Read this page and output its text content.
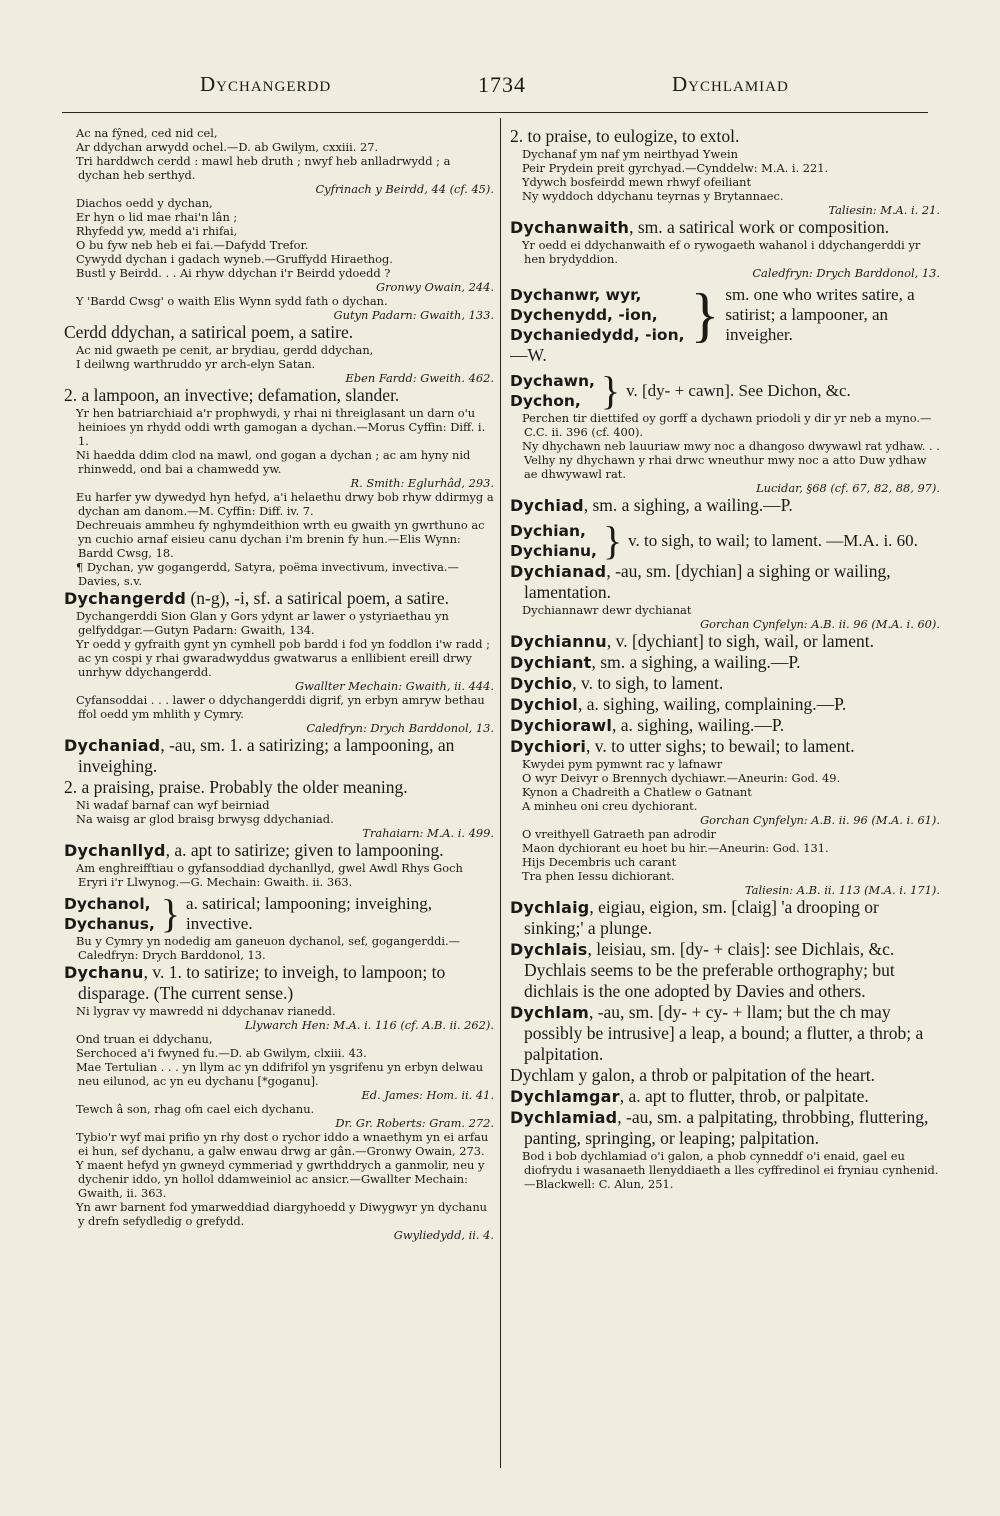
Dychangerdd	1734	Dychlamiad

Ac na fŷned, ced nid cel,

Ar ddychan arwydd ochel.—D. ab Gwilym, cxxiii. 27.

Tri harddwch cerdd : mawl heb druth ; nwyf heb anlladrwydd ; a dychan heb serthyd.

Cyfrinach y Beirdd, 44 (cf. 45).

Diachos oedd y dychan,

Er hyn o lid mae rhai'n lân ;

Rhyfedd yw, medd a'i rhifai,

O bu fyw neb heb ei fai.—Dafydd Trefor.

Cywydd dychan i gadach wyneb.—Gruffydd Hiraethog.

Bustl y Beirdd. . . Ai rhyw ddychan i'r Beirdd ydoedd ?

Gronwy Owain, 244.

Y 'Bardd Cwsg' o waith Elis Wynn sydd fath o dychan.

Gutyn Padarn: Gwaith, 133.

Cerdd ddychan, a satirical poem, a satire.

Ac nid gwaeth pe cenit, ar brydiau, gerdd ddychan,

I deilwng warthruddo yr arch-elyn Satan.

Eben Fardd: Gweith. 462.

2. a lampoon, an invective; defamation, slander.

Yr hen batriarchiaid a'r prophwydi, y rhai ni threiglasant un darn o'u heinioes yn rhydd oddi wrth gamogan a dychan.—Morus Cyffin: Diff. i. 1.

Ni haedda ddim clod na mawl, ond gogan a dychan ; ac am hyny nid rhinwedd, ond bai a chamwedd yw.

R. Smith: Eglurhâd, 293.

Eu harfer yw dywedyd hyn hefyd, a'i helaethu drwy bob rhyw ddirmyg a dychan am danom.—M. Cyffin: Diff. iv. 7.

Dechreuais ammheu fy nghymdeithion wrth eu gwaith yn gwrthuno ac yn cuchio arnaf eisieu canu dychan i'm brenin fy hun.—Elis Wynn: Bardd Cwsg, 18.

¶ Dychan, yw gogangerdd, Satyra, poëma invectivum, invectiva.—Davies, s.v.

Dychangerdd (n-g), -i, sf. a satirical poem, a satire.

Dychangerddi Sion Glan y Gors ydynt ar lawer o ystyriaethau yn gelfyddgar.—Gutyn Padarn: Gwaith, 134.

Yr oedd y gyfraith gynt yn cymhell pob bardd i fod yn foddlon i'w radd ; ac yn cospi y rhai gwaradwyddus gwatwarus a enllibient ereill drwy unrhyw ddychangerdd.

Gwallter Mechain: Gwaith, ii. 444.

Cyfansoddai . . . lawer o ddychangerddi digrif, yn erbyn amryw bethau ffol oedd ym mhlith y Cymry.

Caledfryn: Drych Barddonol, 13.

Dychaniad, -au, sm. 1. a satirizing; a lampooning, an inveighing.

2. a praising, praise. Probably the older meaning.

Ni wadaf barnaf can wyf beirniad

Na waisg ar glod braisg brwysg ddychaniad.

Trahaiarn: M.A. i. 499.

Dychanllyd, a. apt to satirize; given to lampooning.

Am enghreifftiau o gyfansoddiad dychanllyd, gwel Awdl Rhys Goch Eryri i'r Llwynog.—G. Mechain: Gwaith. ii. 363.

Dychanol,
Dychanus, } a. satirical; lampooning; inveighing, invective.

Bu y Cymry yn nodedig am ganeuon dychanol, sef, gogangerddi.—Caledfryn: Drych Barddonol, 13.

Dychanu, v. 1. to satirize; to inveigh, to lampoon; to disparage. (The current sense.)

Ni lygrav vy mawredd ni ddychanav rianedd.

Llywarch Hen: M.A. i. 116 (cf. A.B. ii. 262).

Ond truan ei ddychanu,

Serchoced a'i fwyned fu.—D. ab Gwilym, clxiii. 43.

Mae Tertulian . . . yn llym ac yn ddifrifol yn ysgrifenu yn erbyn delwau neu eilunod, ac yn eu dychanu [*goganu].

Ed. James: Hom. ii. 41.

Tewch â son, rhag ofn cael eich dychanu.

Dr. Gr. Roberts: Gram. 272.

Tybio'r wyf mai prifio yn rhy dost o rychor iddo a wnaethym yn ei arfau ei hun, sef dychanu, a galw enwau drwg ar gân.—Gronwy Owain, 273.

Y maent hefyd yn gwneyd cymmeriad y gwrthddrych a ganmolir, neu y dychenir iddo, yn hollol ddamweiniol ac ansicr.—Gwallter Mechain: Gwaith, ii. 363.

Yn awr barnent fod ymarweddiad diargyhoedd y Diwygwyr yn dychanu y drefn sefydledig o grefydd.

Gwyliedydd, ii. 4.

2. to praise, to eulogize, to extol.

Dychanaf ym naf ym neirthyad Ywein

Peir Prydein preit gyrchyad.—Cynddelw: M.A. i. 221.

Ydywch bosfeirdd mewn rhwyf ofeiliant

Ny wyddoch ddychanu teyrnas y Brytannaec.

Taliesin: M.A. i. 21.

Dychanwaith, sm. a satirical work or composition.

Yr oedd ei ddychanwaith ef o rywogaeth wahanol i ddychangerddi yr hen brydyddion.

Caledfryn: Drych Barddonol, 13.

Dychanwr, wyr,
Dychenydd, -ion,
Dychaniedydd, -ion, } sm. one who writes satire, a satirist; a lampooner, an inveigher.

—W.

Dychawn,
Dychon, } v. [dy- + cawn]. See Dichon, &c.

Perchen tir diettifed oy gorff a dychawn priodoli y dir yr neb a myno.—C.C. ii. 396 (cf. 400).

Ny dhychawn neb lauuriaw mwy noc a dhangoso dwywawl rat ydhaw. . . Velhy ny dhychawn y rhai drwc wneuthur mwy noc a atto Duw ydhaw ae dhwywawl rat.

Lucidar, §68 (cf. 67, 82, 88, 97).

Dychiad, sm. a sighing, a wailing.—P.

Dychian,
Dychianu, } v. to sigh, to wail; to lament. —M.A. i. 60.

Dychianad, -au, sm. [dychian] a sighing or wailing, lamentation.

Dychiannawr dewr dychianat

Gorchan Cynfelyn: A.B. ii. 96 (M.A. i. 60).

Dychiannu, v. [dychiant] to sigh, wail, or lament.

Dychiant, sm. a sighing, a wailing.—P.

Dychio, v. to sigh, to lament.

Dychiol, a. sighing, wailing, complaining.—P.

Dychiorawl, a. sighing, wailing.—P.

Dychiori, v. to utter sighs; to bewail; to lament.

Kwydei pym pymwnt rac y lafnawr

O wyr Deivyr o Brennych dychiawr.—Aneurin: God. 49.

Kynon a Chadreith a Chatlew o Gatnant

A minheu oni creu dychiorant.

Gorchan Cynfelyn: A.B. ii. 96 (M.A. i. 61).

O vreithyell Gatraeth pan adrodir

Maon dychiorant eu hoet bu hir.—Aneurin: God. 131.

Hijs Decembris uch carant

Tra phen Iessu dichiorant.

Taliesin: A.B. ii. 113 (M.A. i. 171).

Dychlaig, eigiau, eigion, sm. [claig] 'a drooping or sinking;' a plunge.

Dychlais, leisiau, sm. [dy- + clais]: see Dichlais, &c. Dychlais seems to be the preferable orthography; but dichlais is the one adopted by Davies and others.

Dychlam, -au, sm. [dy- + cy- + llam; but the ch may possibly be intrusive] a leap, a bound; a flutter, a throb; a palpitation.

Dychlam y galon, a throb or palpitation of the heart.

Dychlamgar, a. apt to flutter, throb, or palpitate.

Dychlamiad, -au, sm. a palpitating, throbbing, fluttering, panting, springing, or leaping; palpitation.

Bod i bob dychlamiad o'i galon, a phob cynneddf o'i enaid, gael eu diofrydu i wasanaeth llenyddiaeth a lles cyffredinol ei fryniau cynhenid.—Blackwell: C. Alun, 251.
